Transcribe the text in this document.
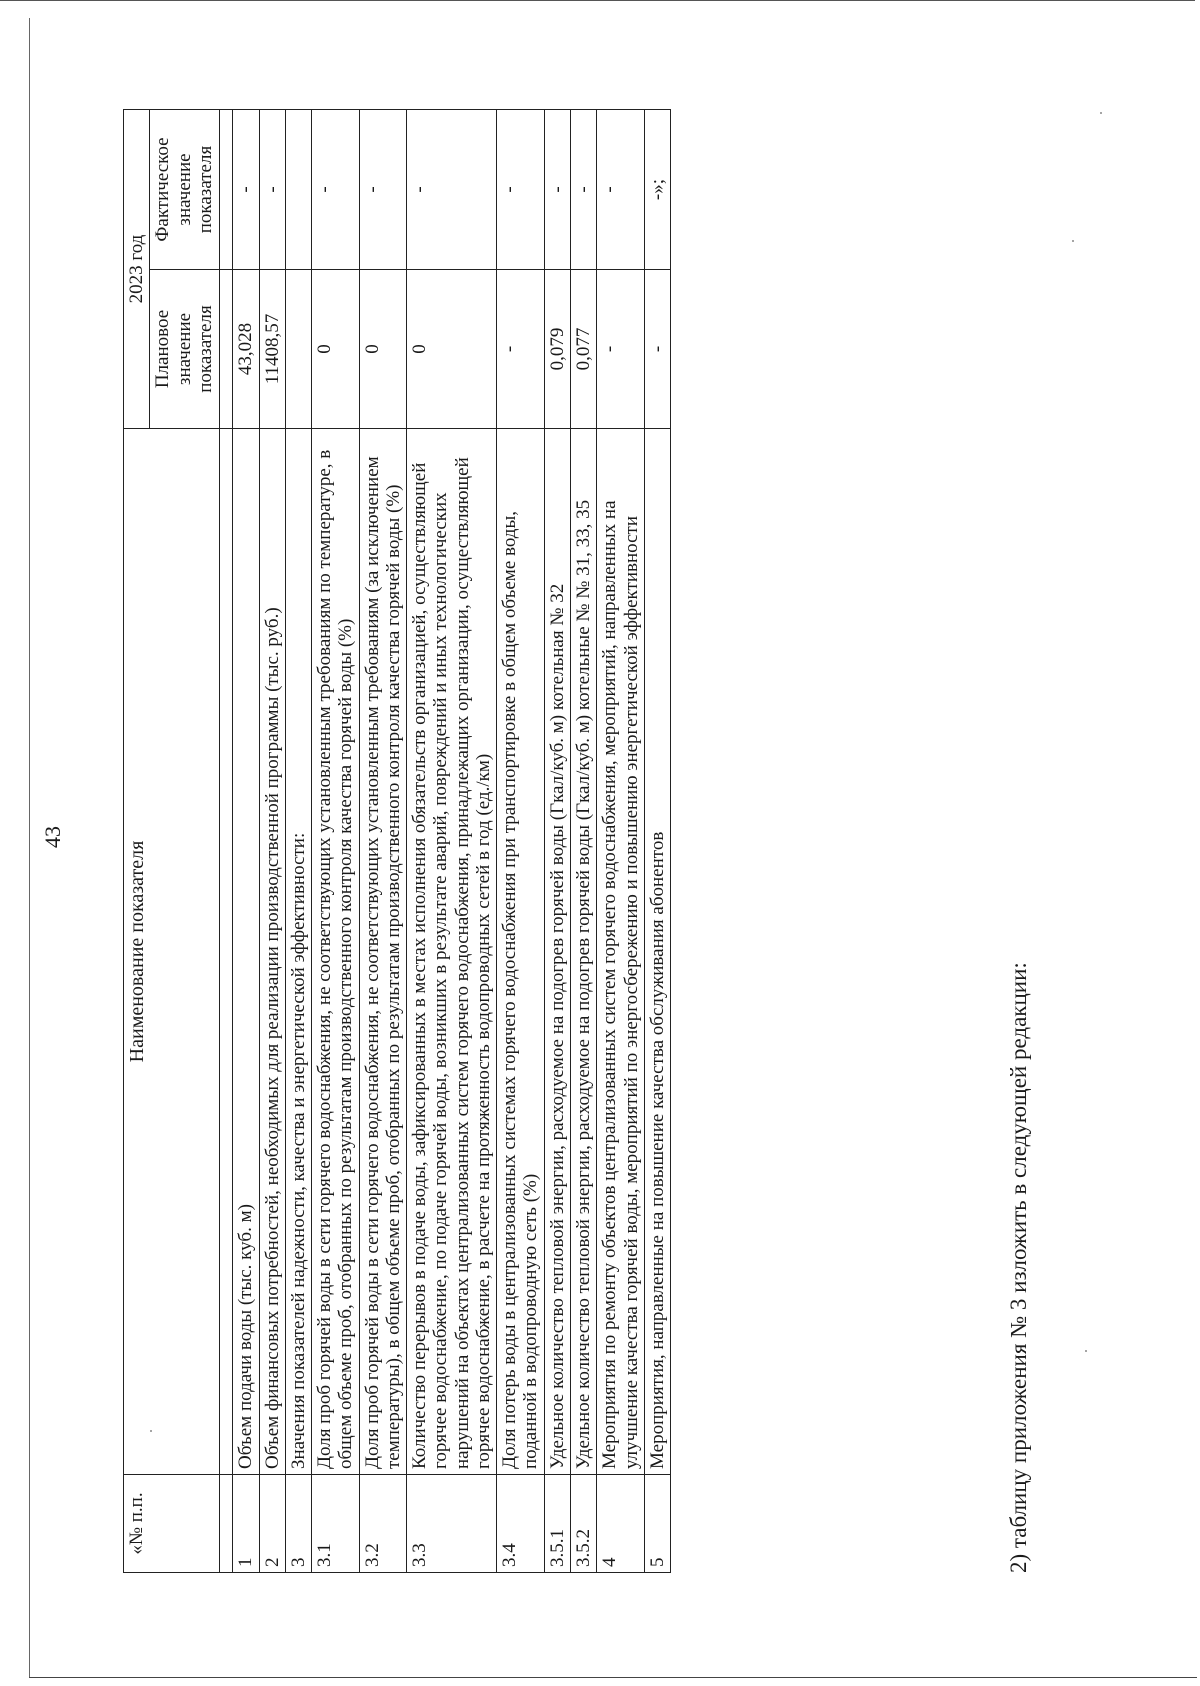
43
«№ п.п.	Наименование показателя	2023 год	
		Плановое значение показателя	Фактическое значение показателя

1	Объем подачи воды (тыс. куб. м)	43,028	-
2	Объем финансовых потребностей, необходимых для реализации производственной программы (тыс. руб.)	11408,57	-
3	Значения показателей надежности, качества и энергетической эффективности:		
3.1	Доля проб горячей воды в сети горячего водоснабжения, не соответствующих установленным требованиям по температуре, в общем объеме проб, отобранных по результатам производственного контроля качества горячей воды (%)	0	-
3.2	Доля проб горячей воды в сети горячего водоснабжения, не соответствующих установленным требованиям (за исключением температуры), в общем объеме проб, отобранных по результатам производственного контроля качества горячей воды (%)	0	-
3.3	Количество перерывов в подаче воды, зафиксированных в местах исполнения обязательств организацией, осуществляющей горячее водоснабжение, по подаче горячей воды, возникших в результате аварий, повреждений и иных технологических нарушений на объектах централизованных систем горячего водоснабжения, принадлежащих организации, осуществляющей горячее водоснабжение, в расчете на протяженность водопроводных сетей в год (ед./км)	0	-
3.4	Доля потерь воды в централизованных системах горячего водоснабжения при транспортировке в общем объеме воды, поданной в водопроводную сеть (%)	-	-
3.5.1	Удельное количество тепловой энергии, расходуемое на подогрев горячей воды (Гкал/куб. м) котельная № 32	0,079	-
3.5.2	Удельное количество тепловой энергии, расходуемое на подогрев горячей воды (Гкал/куб. м) котельные № № 31, 33, 35	0,077	-
4	Мероприятия по ремонту объектов централизованных систем горячего водоснабжения, мероприятий, направленных на улучшение качества горячей воды, мероприятий по энергосбережению и повышению энергетической эффективности	-	-
5	Мероприятия, направленные на повышение качества обслуживания абонентов	-	-»;
2) таблицу приложения № 3 изложить в следующей редакции:
